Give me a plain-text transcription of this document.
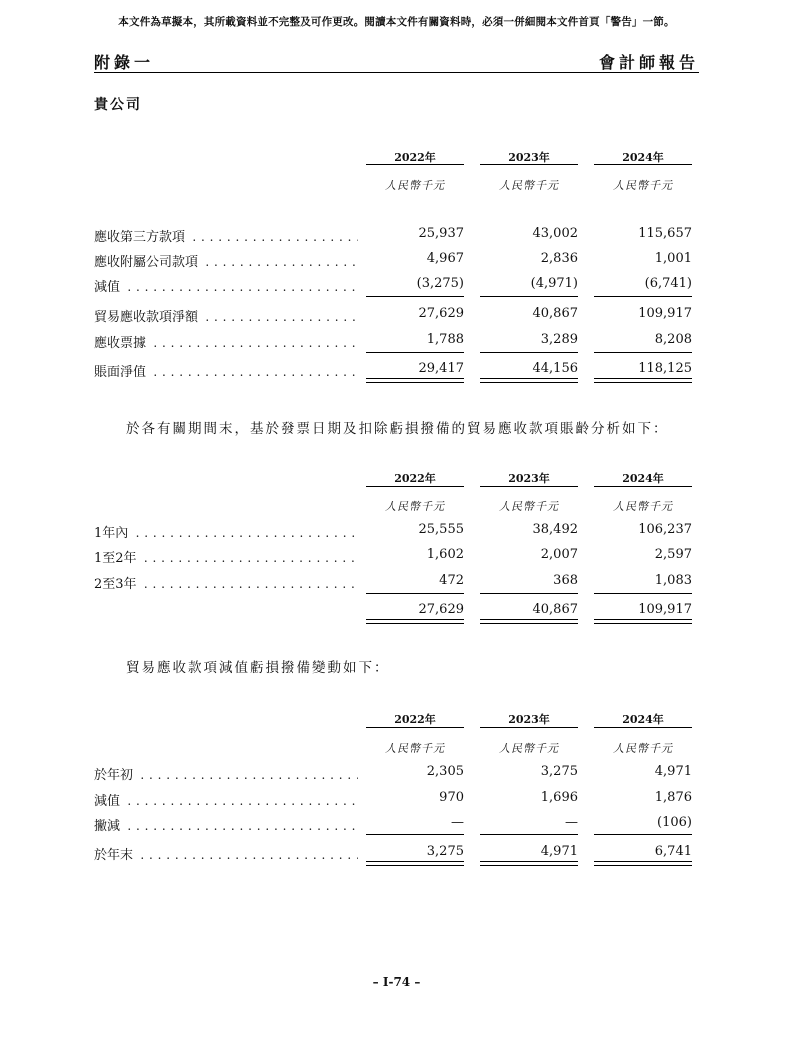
本文件為草擬本，其所載資料並不完整及可作更改。閱讀本文件有關資料時，必須一併細閱本文件首頁「警告」一節。
附錄一	會計師報告
貴公司
2022年	2023年	2024年
人民幣千元	人民幣千元	人民幣千元
應收第三方款項 . . .	25,937	43,002	115,657
應收附屬公司款項 . . .	4,967	2,836	1,001
減值 . . .	(3,275)	(4,971)	(6,741)
貿易應收款項淨額 . . .	27,629	40,867	109,917
應收票據 . . .	1,788	3,289	8,208
賬面淨值 . . .	29,417	44,156	118,125
於各有關期間末，基於發票日期及扣除虧損撥備的貿易應收款項賬齡分析如下：
2022年	2023年	2024年
人民幣千元	人民幣千元	人民幣千元
1年內 . . .	25,555	38,492	106,237
1至2年 . . .	1,602	2,007	2,597
2至3年 . . .	472	368	1,083
27,629	40,867	109,917
貿易應收款項減值虧損撥備變動如下：
2022年	2023年	2024年
人民幣千元	人民幣千元	人民幣千元
於年初 . . .	2,305	3,275	4,971
減值 . . .	970	1,696	1,876
撇減 . . .	—	—	(106)
於年末 . . .	3,275	4,971	6,741
– I-74 –
